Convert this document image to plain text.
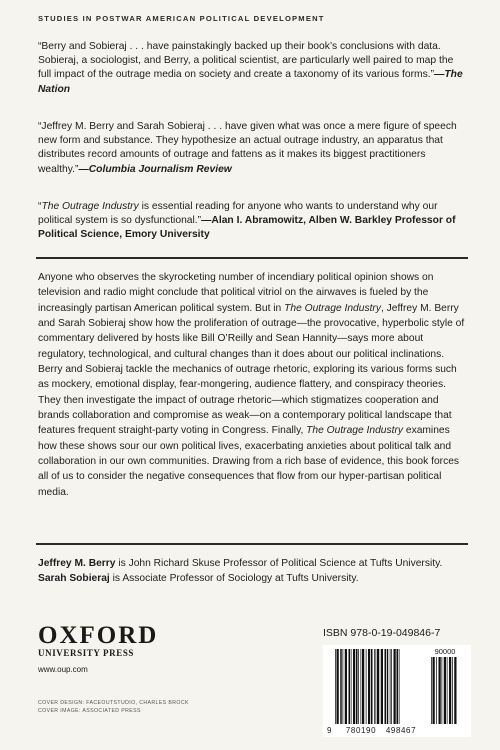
STUDIES IN POSTWAR AMERICAN POLITICAL DEVELOPMENT
“Berry and Sobieraj . . . have painstakingly backed up their book’s conclusions with data. Sobieraj, a sociologist, and Berry, a political scientist, are particularly well paired to map the full impact of the outrage media on society and create a taxonomy of its various forms.”—The Nation
“Jeffrey M. Berry and Sarah Sobieraj . . . have given what was once a mere figure of speech new form and substance. They hypothesize an actual outrage industry, an apparatus that distributes record amounts of outrage and fattens as it makes its biggest practitioners wealthy.”—Columbia Journalism Review
“The Outrage Industry is essential reading for anyone who wants to understand why our political system is so dysfunctional.”—Alan I. Abramowitz, Alben W. Barkley Professor of Political Science, Emory University
Anyone who observes the skyrocketing number of incendiary political opinion shows on television and radio might conclude that political vitriol on the airwaves is fueled by the increasingly partisan American political system. But in The Outrage Industry, Jeffrey M. Berry and Sarah Sobieraj show how the proliferation of outrage—the provocative, hyperbolic style of commentary delivered by hosts like Bill O’Reilly and Sean Hannity—says more about regulatory, technological, and cultural changes than it does about our political inclinations. Berry and Sobieraj tackle the mechanics of outrage rhetoric, exploring its various forms such as mockery, emotional display, fear-mongering, audience flattery, and conspiracy theories. They then investigate the impact of outrage rhetoric—which stigmatizes cooperation and brands collaboration and compromise as weak—on a contemporary political landscape that features frequent straight-party voting in Congress. Finally, The Outrage Industry examines how these shows sour our own political lives, exacerbating anxieties about political talk and collaboration in our own communities. Drawing from a rich base of evidence, this book forces all of us to consider the negative consequences that flow from our hyper-partisan political media.
Jeffrey M. Berry is John Richard Skuse Professor of Political Science at Tufts University.
Sarah Sobieraj is Associate Professor of Sociology at Tufts University.
OXFORD
UNIVERSITY PRESS
www.oup.com
COVER DESIGN: FACEOUTSTUDIO, CHARLES BROCK
COVER IMAGE: ASSOCIATED PRESS
ISBN 978-0-19-049846-7
90000
9 780190 498467
